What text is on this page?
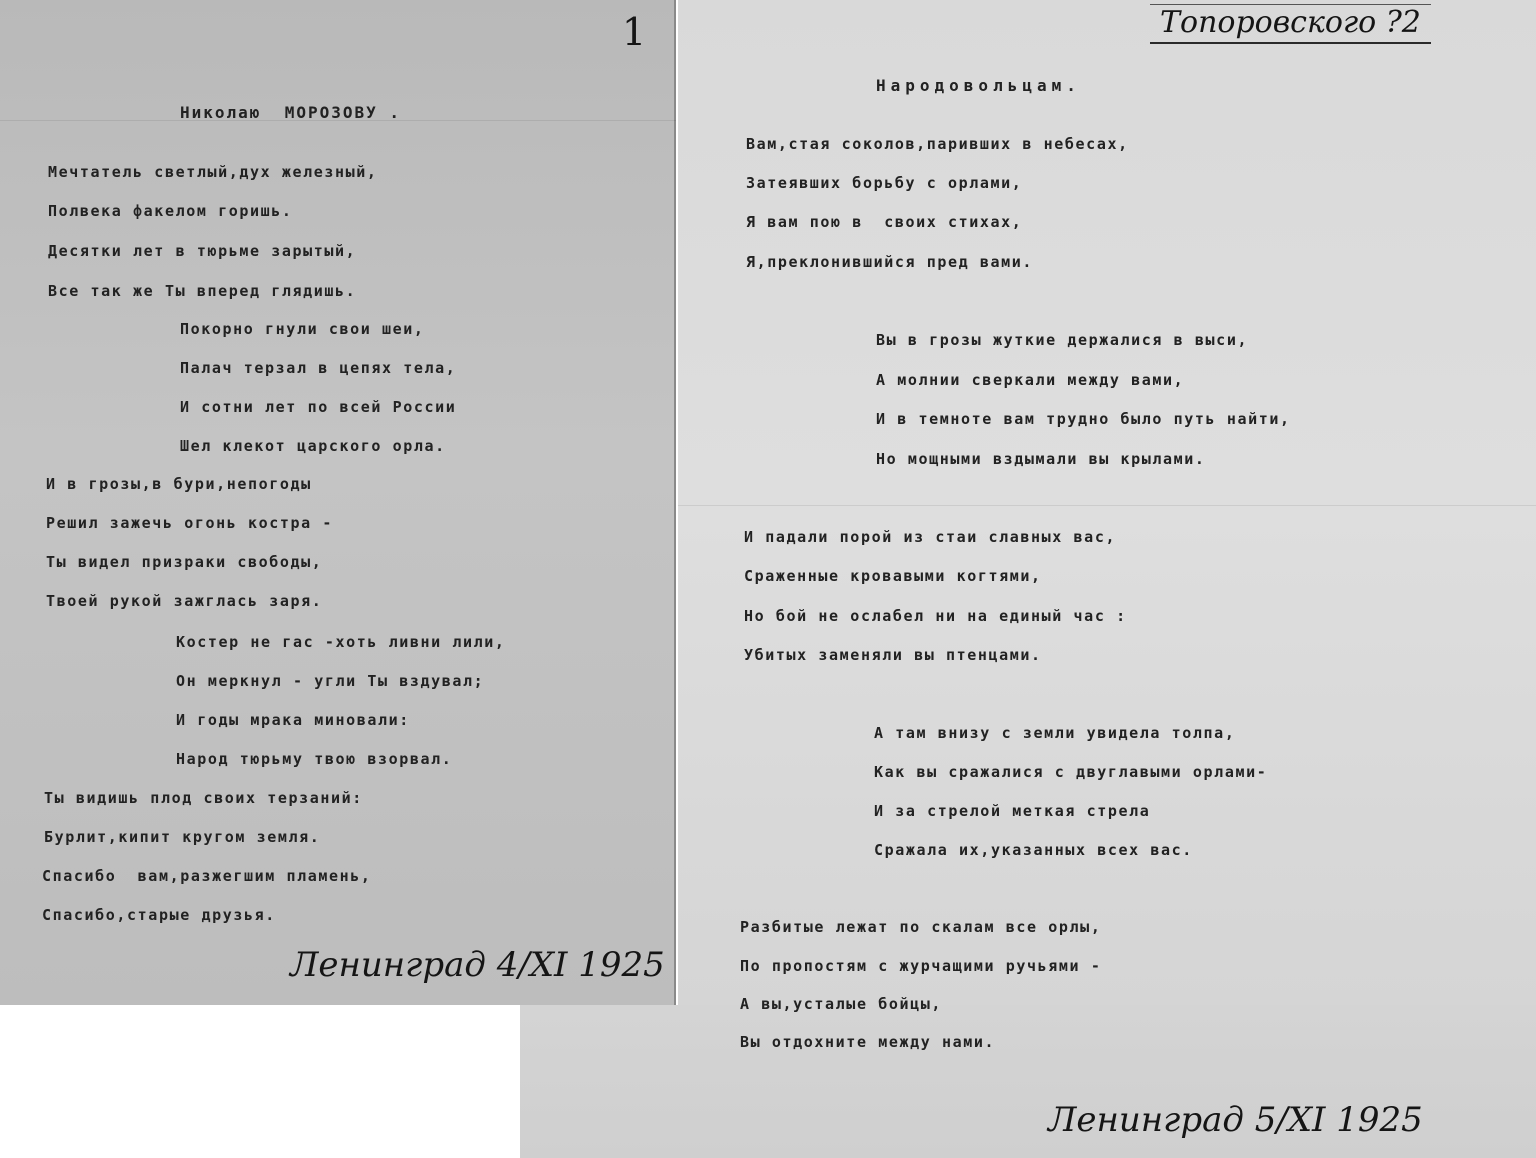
1
Николаю  МОРОЗОВУ .
Мечтатель светлый,дух железный,
Полвека факелом горишь.
Десятки лет в тюрьме зарытый,
Все так же Ты вперед глядишь.
Покорно гнули свои шеи,
Палач терзал в цепях тела,
И сотни лет по всей России
Шел клекот царского орла.
И в грозы,в бури,непогоды
Решил зажечь огонь костра -
Ты видел призраки свободы,
Твоей рукой зажглась заря.
Костер не гас -хоть ливни лили,
Он меркнул - угли Ты вздувал;
И годы мрака миновали:
Народ тюрьму твою взорвал.
Ты видишь плод своих терзаний:
Бурлит,кипит кругом земля.
Спасибо  вам,разжегшим пламень,
Спасибо,старые друзья.
Ленинград 4/XI 1925
Топоровского ?2
Народовольцам.
Вам,стая соколов,паривших в небесах,
Затеявших борьбу с орлами,
Я вам пою в  своих стихах,
Я,преклонившийся пред вами.
Вы в грозы жуткие держалися в выси,
А молнии сверкали между вами,
И в темноте вам трудно было путь найти,
Но мощными вздымали вы крылами.
И падали порой из стаи славных вас,
Сраженные кровавыми когтями,
Но бой не ослабел ни на единый час :
Убитых заменяли вы птенцами.
А там внизу с земли увидела толпа,
Как вы сражалися с двуглавыми орлами-
И за стрелой меткая стрела
Сражала их,указанных всех вас.
Разбитые лежат по скалам все орлы,
По пропостям с журчащими ручьями -
А вы,усталые бойцы,
Вы отдохните между нами.
Ленинград 5/XI 1925
